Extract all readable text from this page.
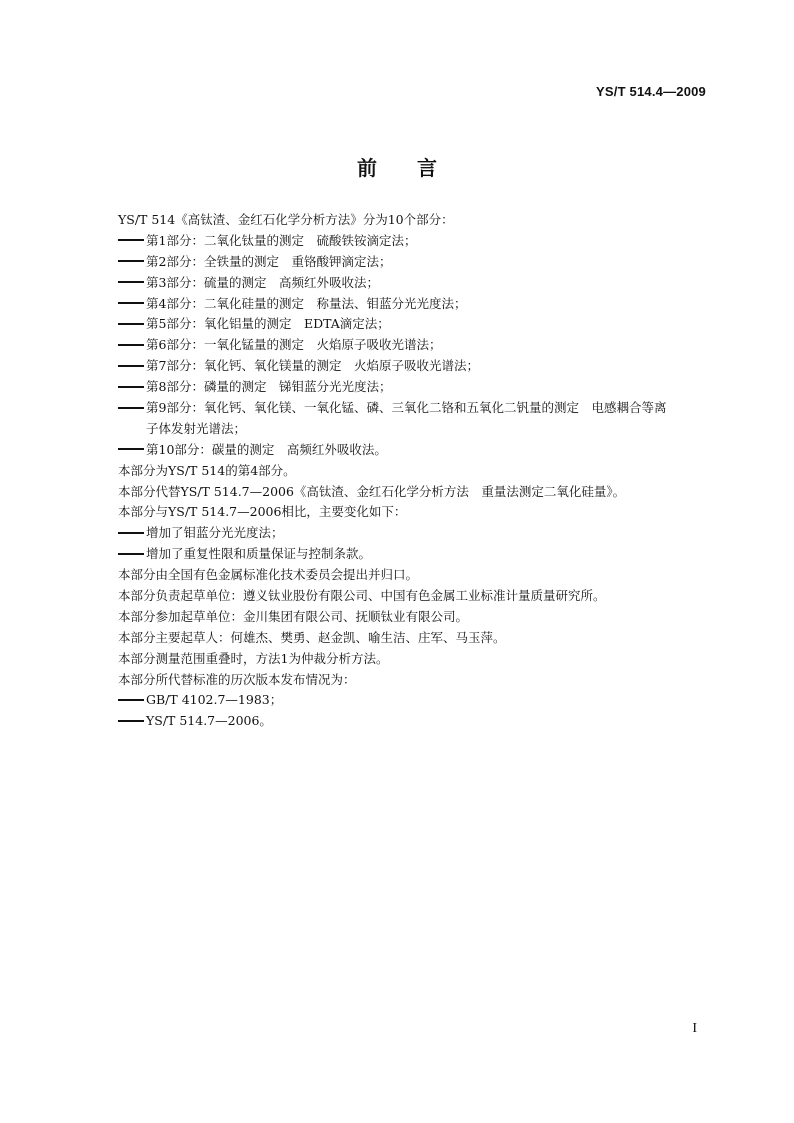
YS/T 514.4—2009
前言
YS/T 514《高钛渣、金红石化学分析方法》分为10个部分：
第1部分：二氧化钛量的测定　硫酸铁铵滴定法；
第2部分：全铁量的测定　重铬酸钾滴定法；
第3部分：硫量的测定　高频红外吸收法；
第4部分：二氧化硅量的测定　称量法、钼蓝分光光度法；
第5部分：氧化铝量的测定　EDTA滴定法；
第6部分：一氧化锰量的测定　火焰原子吸收光谱法；
第7部分：氧化钙、氧化镁量的测定　火焰原子吸收光谱法；
第8部分：磷量的测定　锑钼蓝分光光度法；
第9部分：氧化钙、氧化镁、一氧化锰、磷、三氧化二铬和五氧化二钒量的测定　电感耦合等离
子体发射光谱法；
第10部分：碳量的测定　高频红外吸收法。
本部分为YS/T 514的第4部分。
本部分代替YS/T 514.7—2006《高钛渣、金红石化学分析方法　重量法测定二氧化硅量》。
本部分与YS/T 514.7—2006相比，主要变化如下：
增加了钼蓝分光光度法；
增加了重复性限和质量保证与控制条款。
本部分由全国有色金属标准化技术委员会提出并归口。
本部分负责起草单位：遵义钛业股份有限公司、中国有色金属工业标准计量质量研究所。
本部分参加起草单位：金川集团有限公司、抚顺钛业有限公司。
本部分主要起草人：何雄杰、樊勇、赵金凯、喻生洁、庄军、马玉萍。
本部分测量范围重叠时，方法1为仲裁分析方法。
本部分所代替标准的历次版本发布情况为：
GB/T 4102.7—1983；
YS/T 514.7—2006。
I
